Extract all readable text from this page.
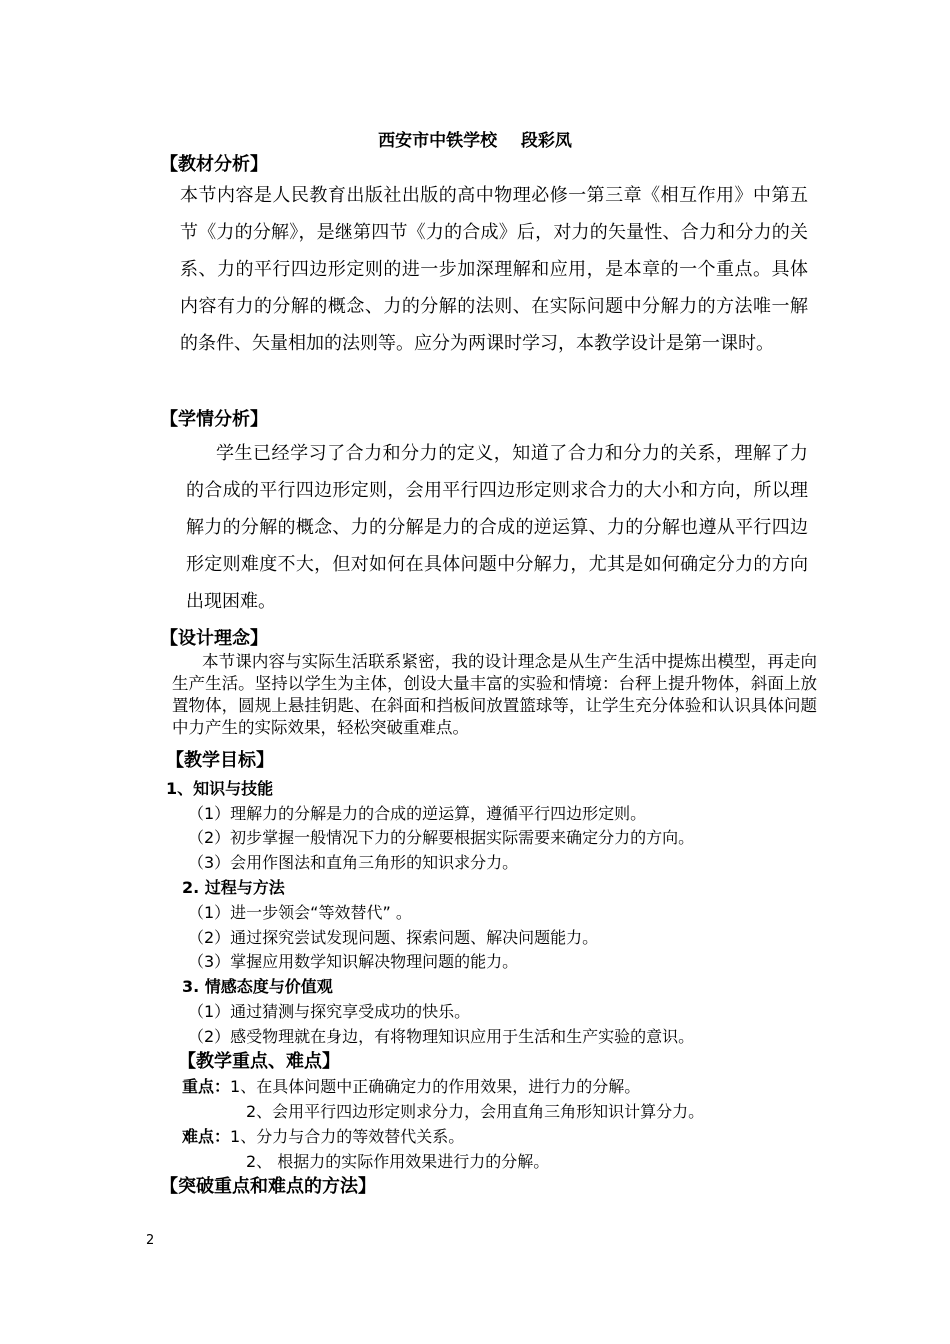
西安市中铁学校    段彩凤
【教材分析】
本节内容是人民教育出版社出版的高中物理必修一第三章《相互作用》中第五节《力的分解》，是继第四节《力的合成》后，对力的矢量性、合力和分力的关系、力的平行四边形定则的进一步加深理解和应用，是本章的一个重点。具体内容有力的分解的概念、力的分解的法则、在实际问题中分解力的方法唯一解的条件、矢量相加的法则等。应分为两课时学习，本教学设计是第一课时。
【学情分析】
学生已经学习了合力和分力的定义，知道了合力和分力的关系，理解了力的合成的平行四边形定则，会用平行四边形定则求合力的大小和方向，所以理解力的分解的概念、力的分解是力的合成的逆运算、力的分解也遵从平行四边形定则难度不大，但对如何在具体问题中分解力，尤其是如何确定分力的方向出现困难。
【设计理念】
本节课内容与实际生活联系紧密，我的设计理念是从生产生活中提炼出模型，再走向生产生活。坚持以学生为主体，创设大量丰富的实验和情境：台秤上提升物体，斜面上放置物体，圆规上悬挂钥匙、在斜面和挡板间放置篮球等，让学生充分体验和认识具体问题中力产生的实际效果，轻松突破重难点。
【教学目标】
1、知识与技能
（1）理解力的分解是力的合成的逆运算，遵循平行四边形定则。
（2）初步掌握一般情况下力的分解要根据实际需要来确定分力的方向。
（3）会用作图法和直角三角形的知识求分力。
2. 过程与方法
（1）进一步领会“等效替代” 。
（2）通过探究尝试发现问题、探索问题、解决问题能力。
（3）掌握应用数学知识解决物理问题的能力。
3. 情感态度与价值观
（1）通过猜测与探究享受成功的快乐。
（2）感受物理就在身边，有将物理知识应用于生活和生产实验的意识。
【教学重点、难点】
重点：1、在具体问题中正确确定力的作用效果，进行力的分解。
2、会用平行四边形定则求分力，会用直角三角形知识计算分力。
难点：1、分力与合力的等效替代关系。
2、 根据力的实际作用效果进行力的分解。
【突破重点和难点的方法】
2
